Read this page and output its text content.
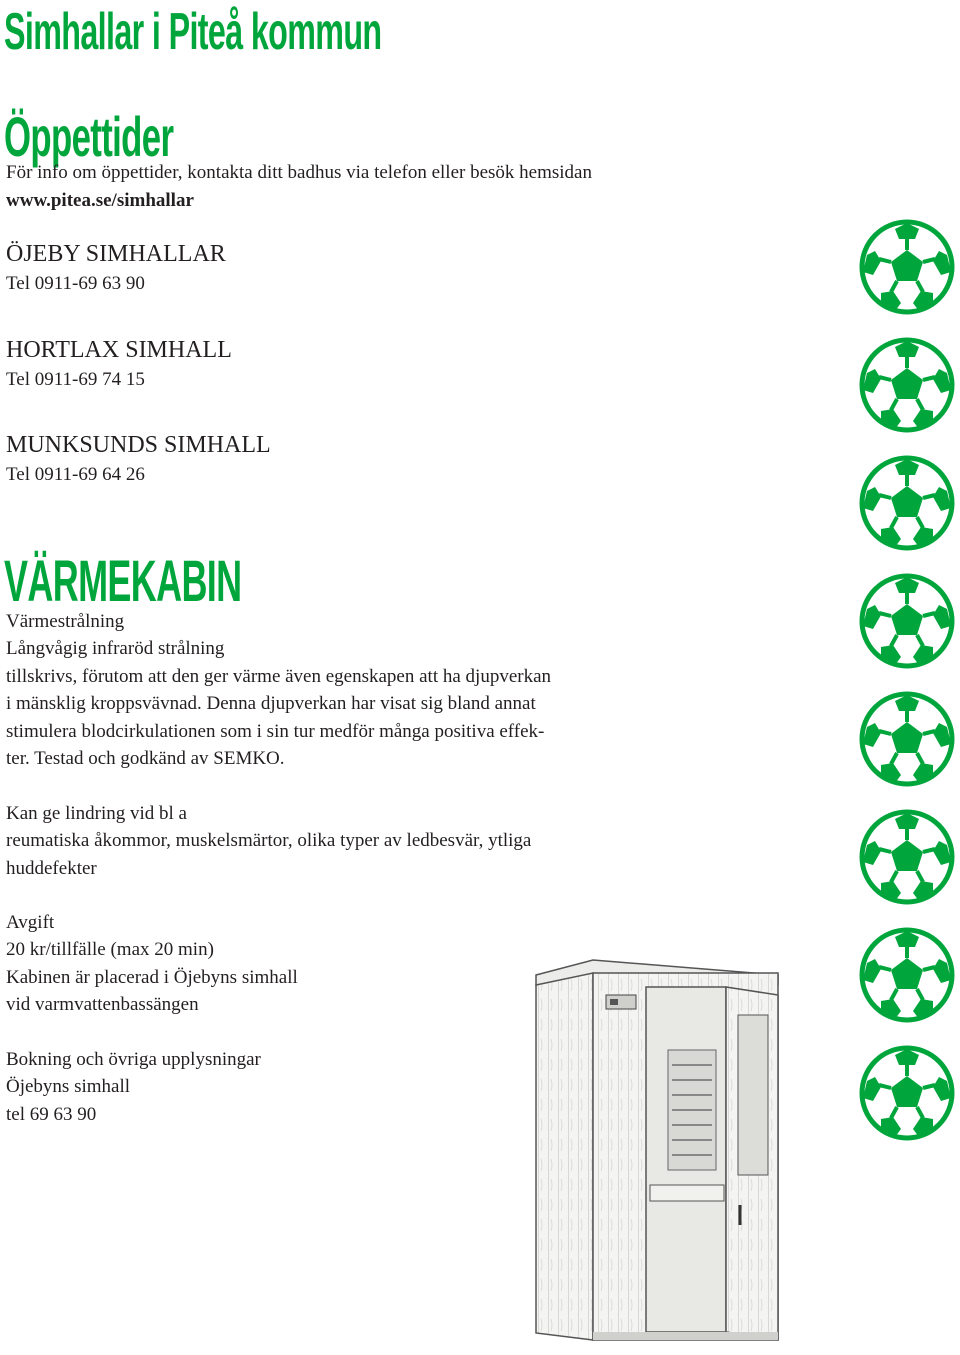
Simhallar i Piteå kommun
Öppettider

För info om öppettider, kontakta ditt badhus via telefon eller besök hemsidan

www.pitea.se/simhallar

ÖJEBY SIMHALLAR

Tel 0911-69 63 90

HORTLAX SIMHALL

Tel 0911-69 74 15

MUNKSUNDS SIMHALL

Tel 0911-69 64 26

VÄRMEKABIN

Värmestrålning

Långvågig infraröd strålning

tillskrivs, förutom att den ger värme även egenskapen att ha djupverkan

i mänsklig kroppsvävnad. Denna djupverkan har visat sig bland annat

stimulera blodcirkulationen som i sin tur medför många positiva effek-

ter. Testad och godkänd av SEMKO.

Kan ge lindring vid bl a

reumatiska åkommor, muskelsmärtor, olika typer av ledbesvär, ytliga

huddefekter

Avgift

20 kr/tillfälle (max 20 min)

Kabinen är placerad i Öjebyns simhall

vid varmvattenbassängen

Bokning och övriga upplysningar

Öjebyns simhall

tel 69 63 90
